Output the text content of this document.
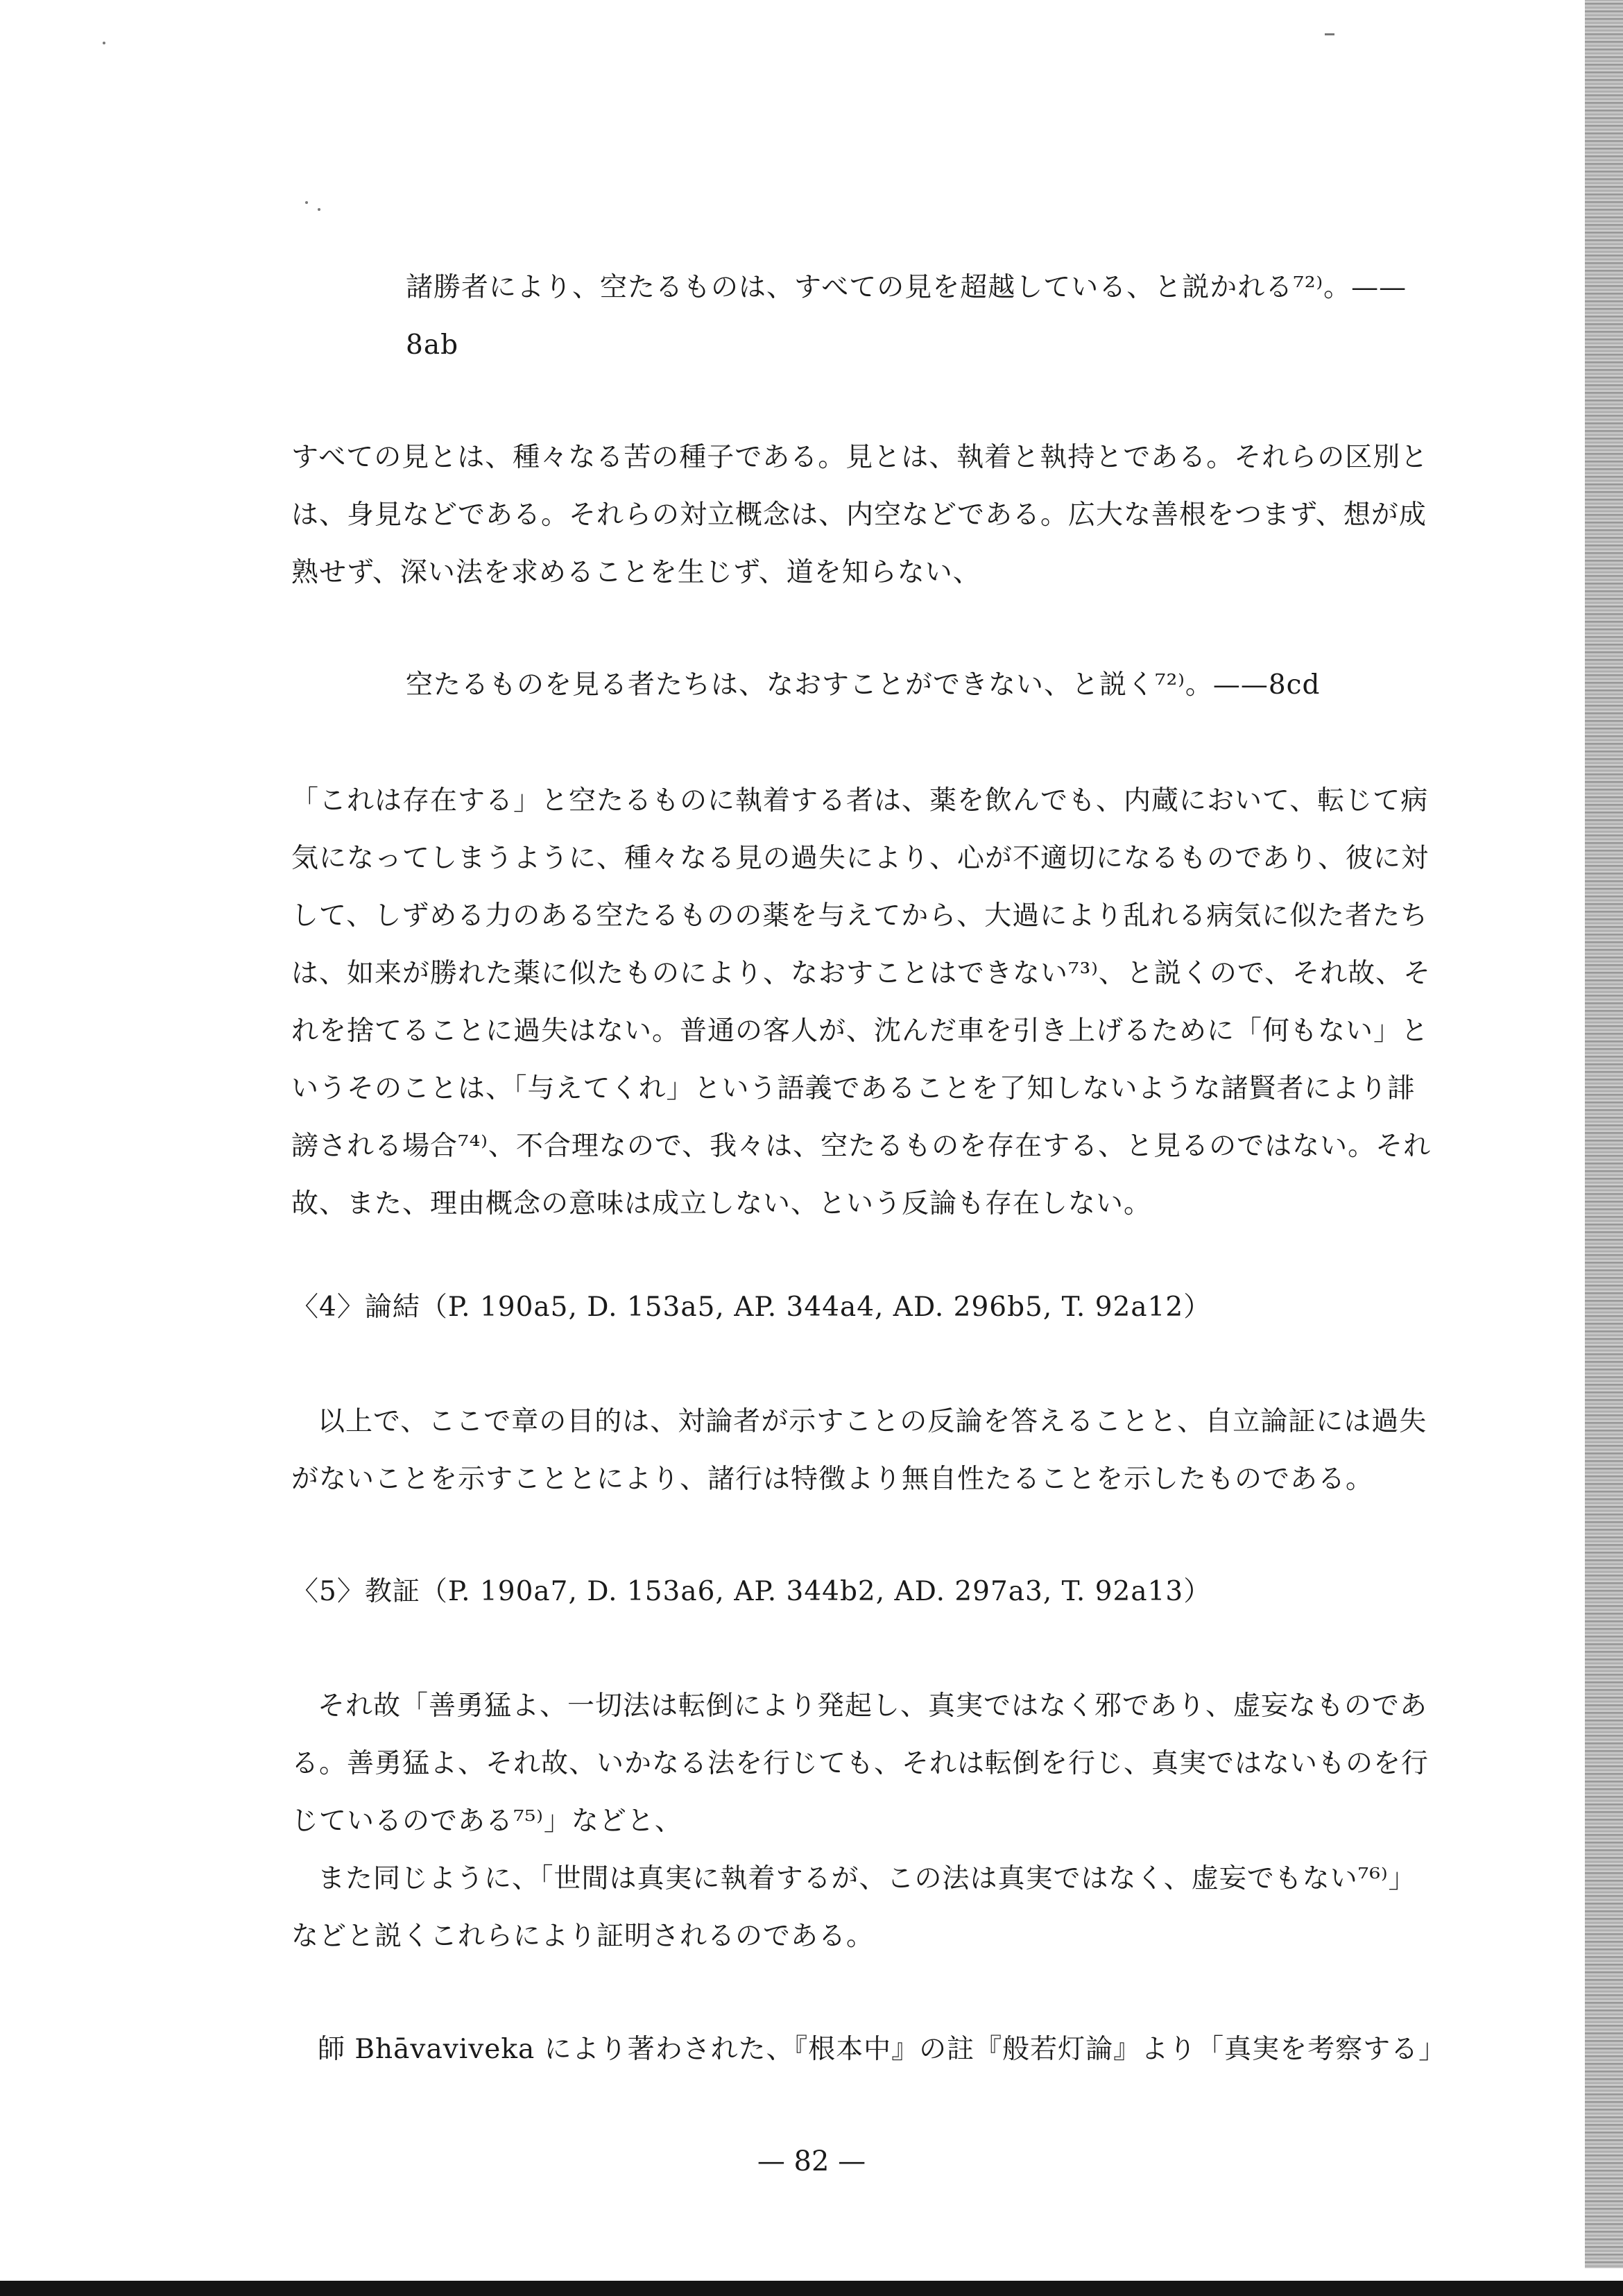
諸勝者により、空たるものは、すべての見を超越している、と説かれる⁷²⁾。——
8ab
すべての見とは、種々なる苦の種子である。見とは、執着と執持とである。それらの区別と
は、身見などである。それらの対立概念は、内空などである。広大な善根をつまず、想が成
熟せず、深い法を求めることを生じず、道を知らない、
空たるものを見る者たちは、なおすことができない、と説く⁷²⁾。——8cd
「これは存在する」と空たるものに執着する者は、薬を飲んでも、内蔵において、転じて病
気になってしまうように、種々なる見の過失により、心が不適切になるものであり、彼に対
して、しずめる力のある空たるものの薬を与えてから、大過により乱れる病気に似た者たち
は、如来が勝れた薬に似たものにより、なおすことはできない⁷³⁾、と説くので、それ故、そ
れを捨てることに過失はない。普通の客人が、沈んだ車を引き上げるために「何もない」と
いうそのことは、「与えてくれ」という語義であることを了知しないような諸賢者により誹
謗される場合⁷⁴⁾、不合理なので、我々は、空たるものを存在する、と見るのではない。それ
故、また、理由概念の意味は成立しない、という反論も存在しない。
〈4〉論結（P. 190a5, D. 153a5, AP. 344a4, AD. 296b5, T. 92a12）
以上で、ここで章の目的は、対論者が示すことの反論を答えることと、自立論証には過失
がないことを示すこととにより、諸行は特徴より無自性たることを示したものである。
〈5〉教証（P. 190a7, D. 153a6, AP. 344b2, AD. 297a3, T. 92a13）
それ故「善勇猛よ、一切法は転倒により発起し、真実ではなく邪であり、虚妄なものであ
る。善勇猛よ、それ故、いかなる法を行じても、それは転倒を行じ、真実ではないものを行
じているのである⁷⁵⁾」などと、
また同じように、「世間は真実に執着するが、この法は真実ではなく、虚妄でもない⁷⁶⁾」
などと説くこれらにより証明されるのである。
師 Bhāvaviveka により著わされた、『根本中』の註『般若灯論』より「真実を考察する」
— 82 —
